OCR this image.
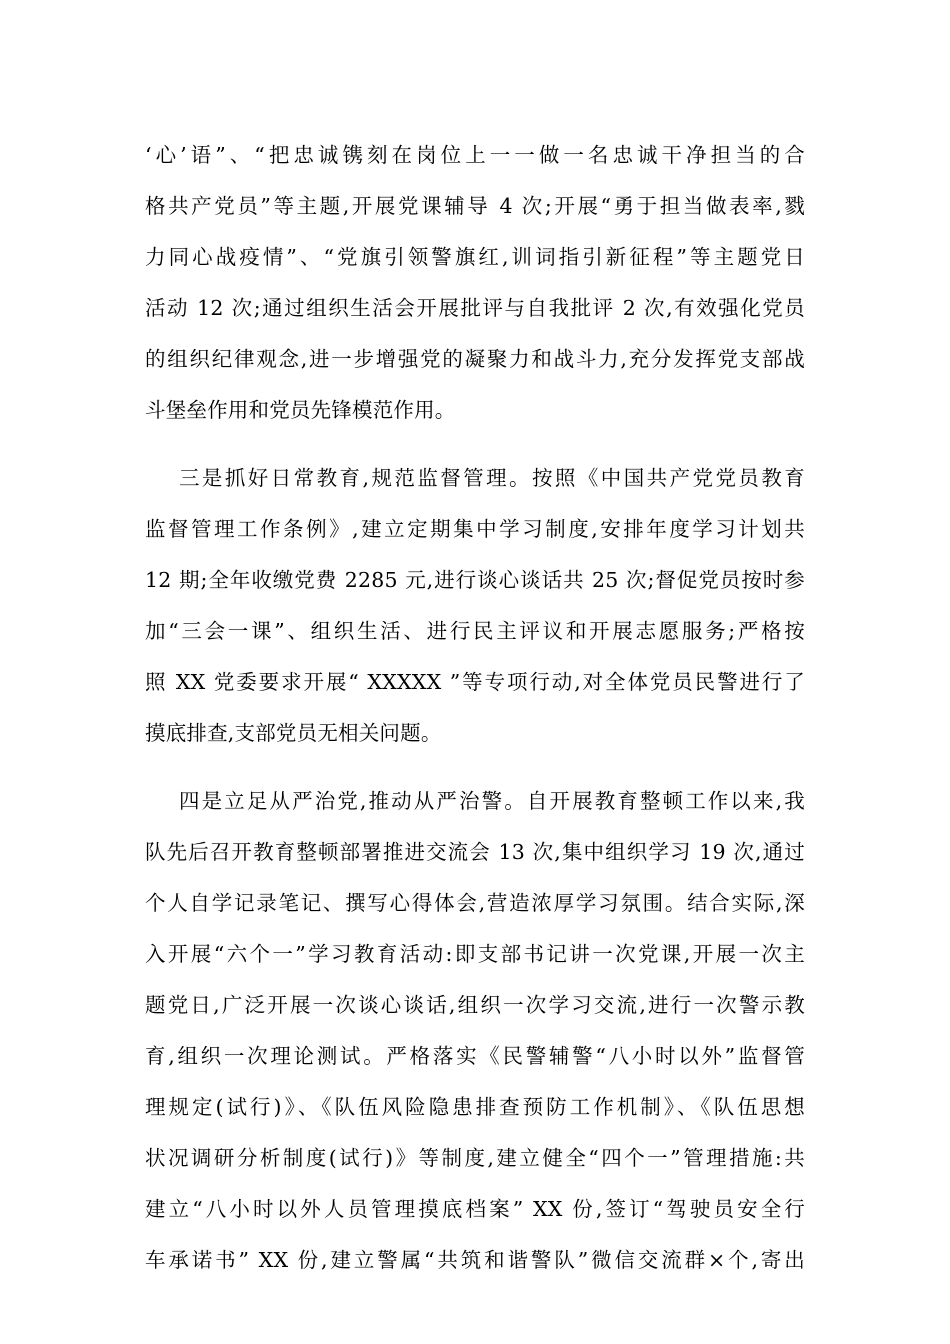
‘心’语”、“把忠诚镌刻在岗位上一一做一名忠诚干净担当的合
格共产党员”等主题,开展党课辅导 4 次;开展“勇于担当做表率,戮
力同心战疫情”、“党旗引领警旗红,训词指引新征程”等主题党日
活动 12 次;通过组织生活会开展批评与自我批评 2 次,有效强化党员
的组织纪律观念,进一步增强党的凝聚力和战斗力,充分发挥党支部战
斗堡垒作用和党员先锋模范作用。
三是抓好日常教育,规范监督管理。按照《中国共产党党员教育
监督管理工作条例》,建立定期集中学习制度,安排年度学习计划共
12 期;全年收缴党费 2285 元,进行谈心谈话共 25 次;督促党员按时参
加“三会一课”、组织生活、进行民主评议和开展志愿服务;严格按
照 XX 党委要求开展“ XXXXX ”等专项行动,对全体党员民警进行了
摸底排查,支部党员无相关问题。
四是立足从严治党,推动从严治警。自开展教育整顿工作以来,我
队先后召开教育整顿部署推进交流会 13 次,集中组织学习 19 次,通过
个人自学记录笔记、撰写心得体会,营造浓厚学习氛围。结合实际,深
入开展“六个一”学习教育活动:即支部书记讲一次党课,开展一次主
题党日,广泛开展一次谈心谈话,组织一次学习交流,进行一次警示教
育,组织一次理论测试。严格落实《民警辅警“八小时以外”监督管
理规定(试行)》、《队伍风险隐患排查预防工作机制》、《队伍思想
状况调研分析制度(试行)》等制度,建立健全“四个一”管理措施:共
建立“八小时以外人员管理摸底档案” XX 份,签订“驾驶员安全行
车承诺书” XX 份,建立警属“共筑和谐警队”微信交流群×个,寄出
